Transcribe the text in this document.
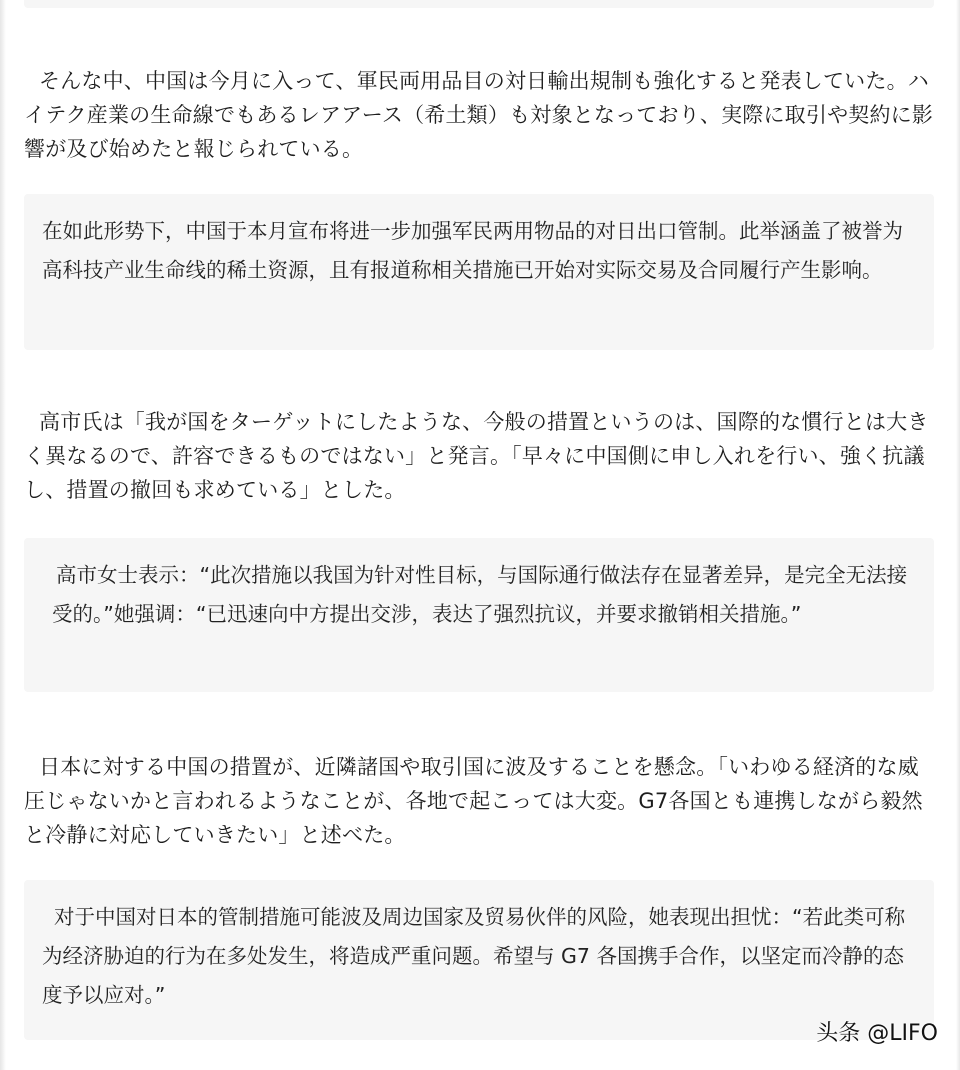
そんな中、中国は今月に入って、軍民両用品目の対日輸出規制も強化すると発表していた。ハイテク産業の生命線でもあるレアアース（希土類）も対象となっており、実際に取引や契約に影響が及び始めたと報じられている。

在如此形势下，中国于本月宣布将进一步加强军民两用物品的对日出口管制。此举涵盖了被誉为高科技产业生命线的稀土资源，且有报道称相关措施已开始对实际交易及合同履行产生影响。

高市氏は「我が国をターゲットにしたような、今般の措置というのは、国際的な慣行とは大きく異なるので、許容できるものではない」と発言。「早々に中国側に申し入れを行い、強く抗議し、措置の撤回も求めている」とした。

高市女士表示：“此次措施以我国为针对性目标，与国际通行做法存在显著差异，是完全无法接受的。”她强调：“已迅速向中方提出交涉，表达了强烈抗议，并要求撤销相关措施。”

日本に対する中国の措置が、近隣諸国や取引国に波及することを懸念。「いわゆる経済的な威圧じゃないかと言われるようなことが、各地で起こっては大変。G7各国とも連携しながら毅然と冷静に対応していきたい」と述べた。

对于中国对日本的管制措施可能波及周边国家及贸易伙伴的风险，她表现出担忧：“若此类可称为经济胁迫的行为在多处发生，将造成严重问题。希望与 G7 各国携手合作，以坚定而冷静的态度予以应对。”

头条 @LIFO
